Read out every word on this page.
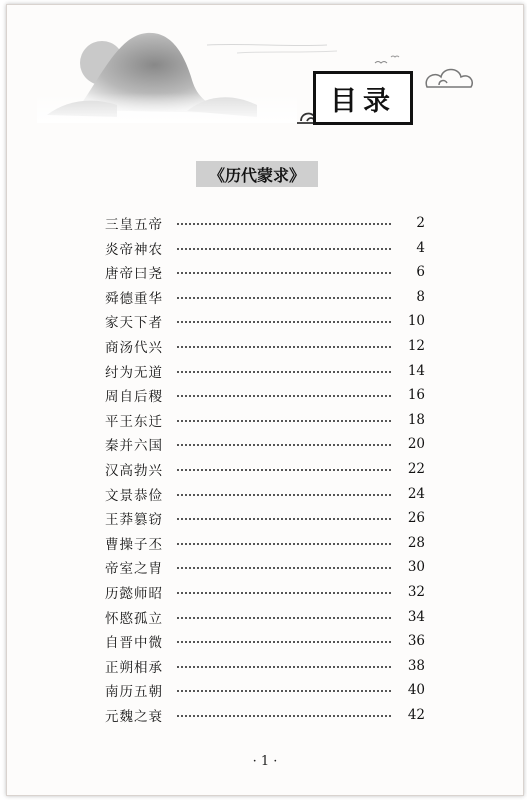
目录
《历代蒙求》
三皇五帝	2
炎帝神农	4
唐帝曰尧	6
舜德重华	8
家天下者	10
商汤代兴	12
纣为无道	14
周自后稷	16
平王东迁	18
秦并六国	20
汉高勃兴	22
文景恭俭	24
王莽篡窃	26
曹操子丕	28
帝室之胄	30
历懿师昭	32
怀愍孤立	34
自晋中微	36
正朔相承	38
南历五朝	40
元魏之衰	42
· 1 ·
